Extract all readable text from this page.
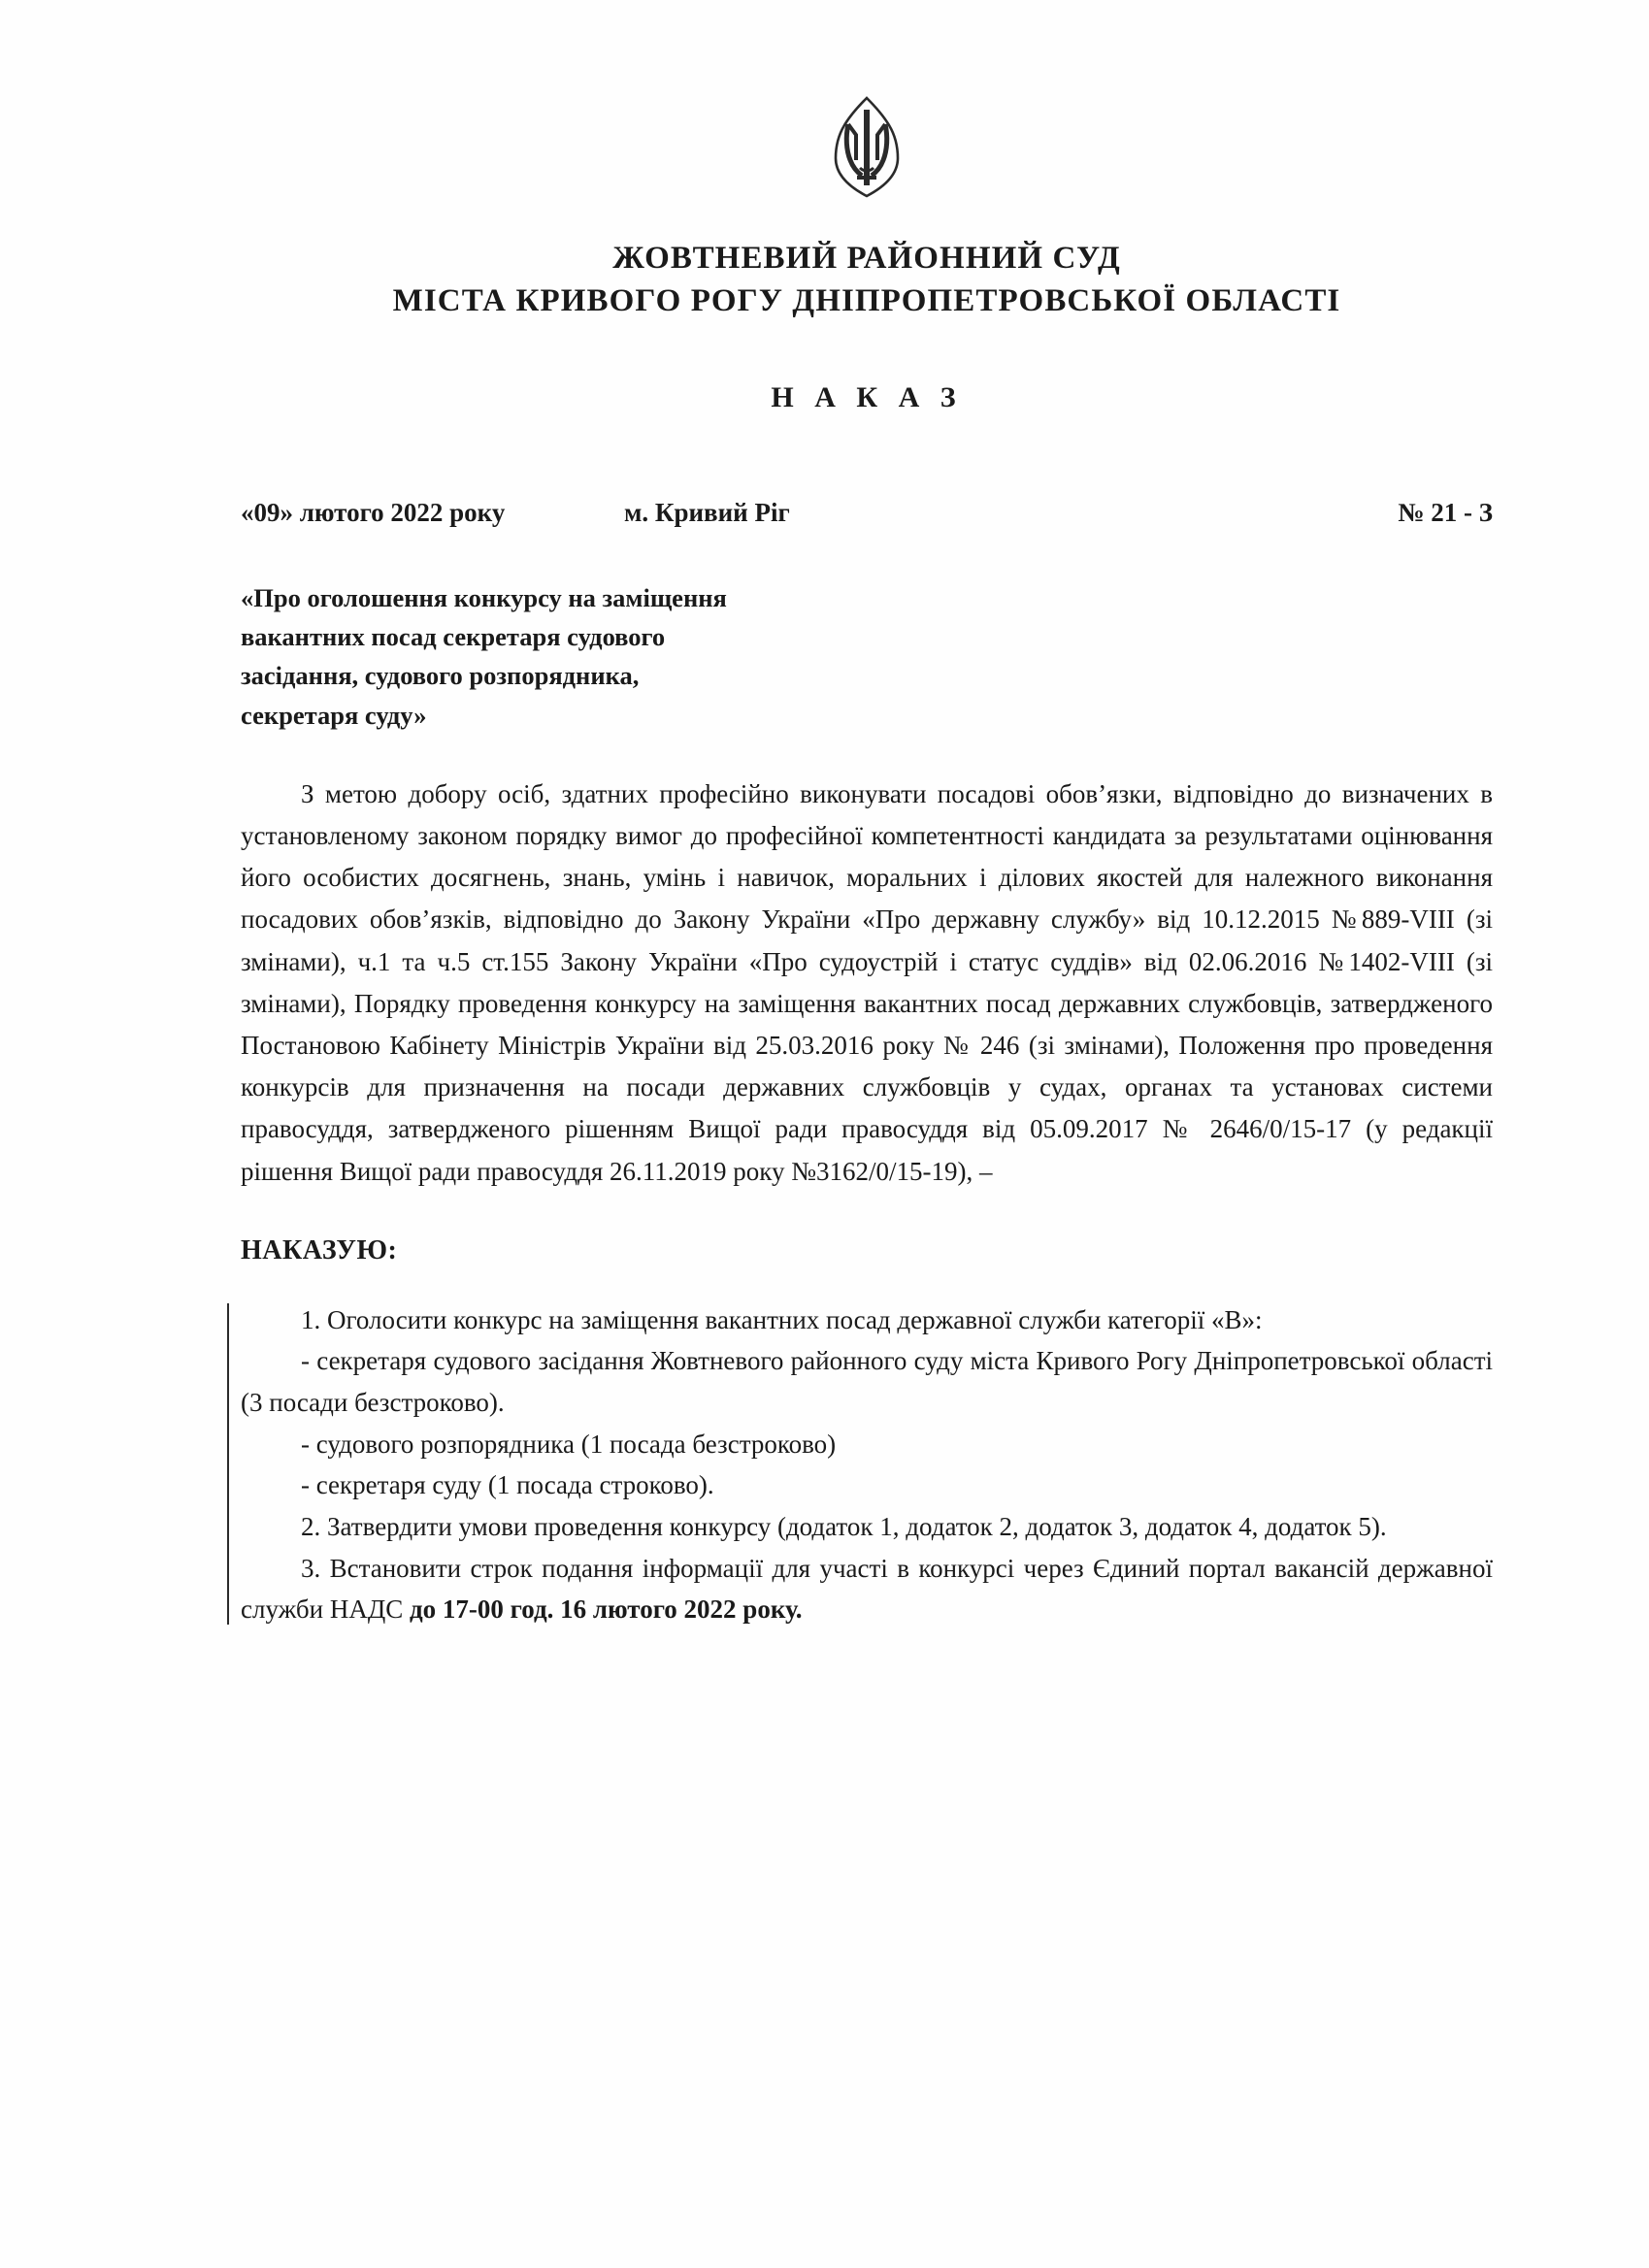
ЖОВТНЕВИЙ РАЙОННИЙ СУД
МІСТА КРИВОГО РОГУ ДНІПРОПЕТРОВСЬКОЇ ОБЛАСТІ
Н А К А З
«09» лютого 2022 року	м. Кривий Ріг	№ 21 - З
«Про оголошення конкурсу на заміщення
вакантних посад секретаря судового
засідання, судового розпорядника,
секретаря суду»
З метою добору осіб, здатних професійно виконувати посадові обов’язки, відповідно до визначених в установленому законом порядку вимог до професійної компетентності кандидата за результатами оцінювання його особистих досягнень, знань, умінь і навичок, моральних і ділових якостей для належного виконання посадових обов’язків, відповідно до Закону України «Про державну службу» від 10.12.2015 №889-VIII (зі змінами), ч.1 та ч.5 ст.155 Закону України «Про судоустрій і статус суддів» від 02.06.2016 №1402-VIII (зі змінами), Порядку проведення конкурсу на заміщення вакантних посад державних службовців, затвердженого Постановою Кабінету Міністрів України від 25.03.2016 року № 246 (зі змінами), Положення про проведення конкурсів для призначення на посади державних службовців у судах, органах та установах системи правосуддя, затвердженого рішенням Вищої ради правосуддя від 05.09.2017 № 2646/0/15-17 (у редакції рішення Вищої ради правосуддя 26.11.2019 року №3162/0/15-19), –
НАКАЗУЮ:
1. Оголосити конкурс на заміщення вакантних посад державної служби категорії «В»:
- секретаря судового засідання Жовтневого районного суду міста Кривого Рогу Дніпропетровської області (3 посади безстроково).
- судового розпорядника (1 посада безстроково)
- секретаря суду (1 посада строково).
2. Затвердити умови проведення конкурсу (додаток 1, додаток 2, додаток 3, додаток 4, додаток 5).
3. Встановити строк подання інформації для участі в конкурсі через Єдиний портал вакансій державної служби НАДС до 17-00 год. 16 лютого 2022 року.
